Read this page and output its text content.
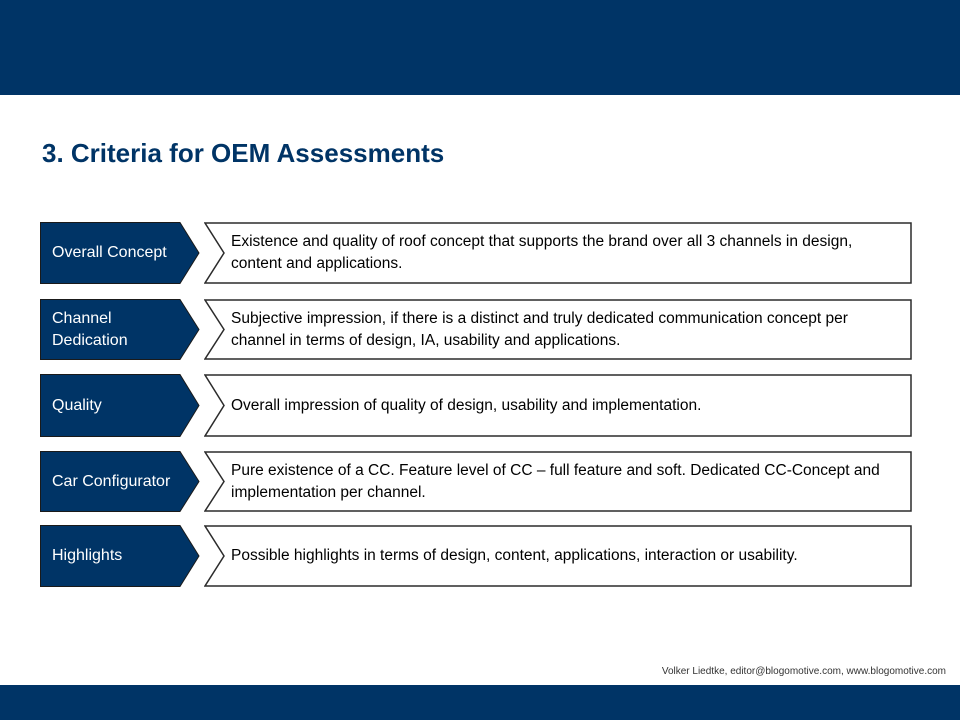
3. Criteria for OEM Assessments
Overall Concept
Existence and quality of roof concept that supports the brand over all 3 channels in design, content and applications.
Channel Dedication
Subjective impression, if there is a distinct and truly dedicated communication concept per channel in terms of design, IA, usability and applications.
Quality	Overall impression of quality of design, usability and implementation.
Car Configurator
Pure existence of a CC. Feature level of CC – full feature and soft. Dedicated CC-Concept and implementation per channel.
Highlights	Possible highlights in terms of design, content, applications, interaction or usability.
Volker Liedtke, editor@blogomotive.com, www.blogomotive.com
